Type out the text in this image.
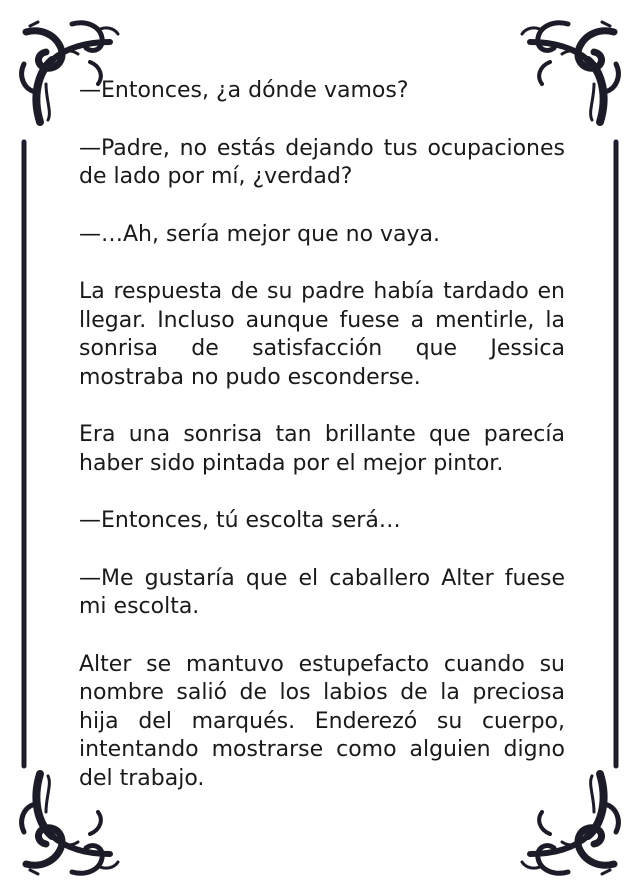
—Entonces, ¿a dónde vamos?

—Padre, no estás dejando tus ocupaciones de lado por mí, ¿verdad?

—…Ah, sería mejor que no vaya.

La respuesta de su padre había tardado en llegar. Incluso aunque fuese a mentirle, la sonrisa de satisfacción que Jessica mostraba no pudo esconderse.

Era una sonrisa tan brillante que parecía haber sido pintada por el mejor pintor.

—Entonces, tú escolta será…

—Me gustaría que el caballero Alter fuese mi escolta.

Alter se mantuvo estupefacto cuando su nombre salió de los labios de la preciosa hija del marqués. Enderezó su cuerpo, intentando mostrarse como alguien digno del trabajo.
